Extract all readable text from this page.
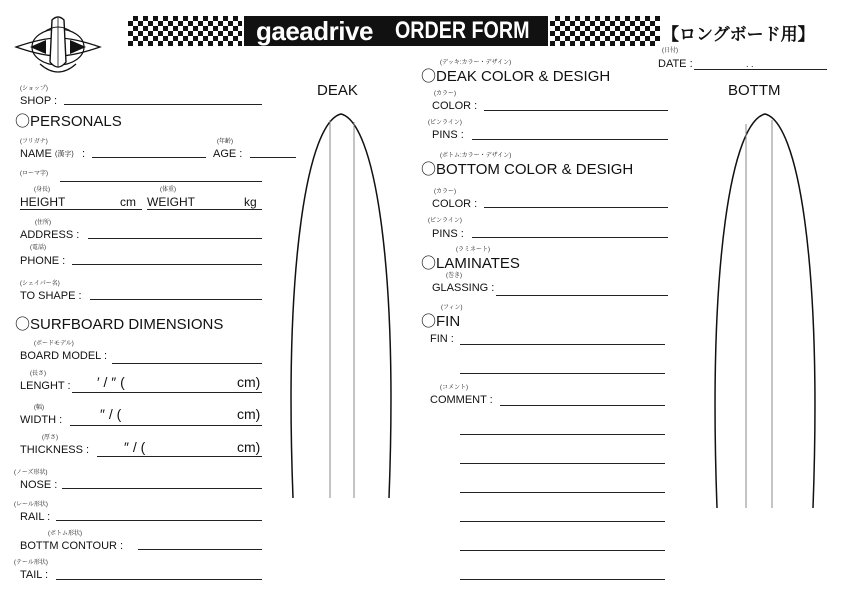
gaeadrive ORDER FORM	【ロングボード用】
(日付)
DATE :	. .
(ショップ)
SHOP :
〇PERSONALS
(フリガナ)
NAME (漢字) :
(年齢)
AGE :
(ローマ字)
(身長)
HEIGHT	cm
(体重)
WEIGHT	kg
(住所)
ADDRESS :
(電話)
PHONE :
(シェイパー名)
TO SHAPE :
〇SURFBOARD DIMENSIONS
(ボードモデル)
BOARD MODEL :
(長さ)
LENGHT : ′ / ″ (	cm)
(幅)
WIDTH :	″ / (	cm)
(厚さ)
THICKNESS : ″ / (	cm)
(ノーズ形状)
NOSE :
(レール形状)
RAIL :
(ボトム形状)
BOTTM CONTOUR :
(テール形状)
TAIL :
DEAK
(デッキ:カラー・デザイン)
〇DEAK COLOR & DESIGH
(カラー)
COLOR :
(ピンライン)
PINS :
(ボトム:カラー・デザイン)
〇BOTTOM COLOR & DESIGH
(カラー)
COLOR :
(ピンライン)
PINS :
(ラミネート)
〇LAMINATES
(巻き)
GLASSING :
(フィン)
〇FIN
FIN :
(コメント)
COMMENT :
BOTTM
